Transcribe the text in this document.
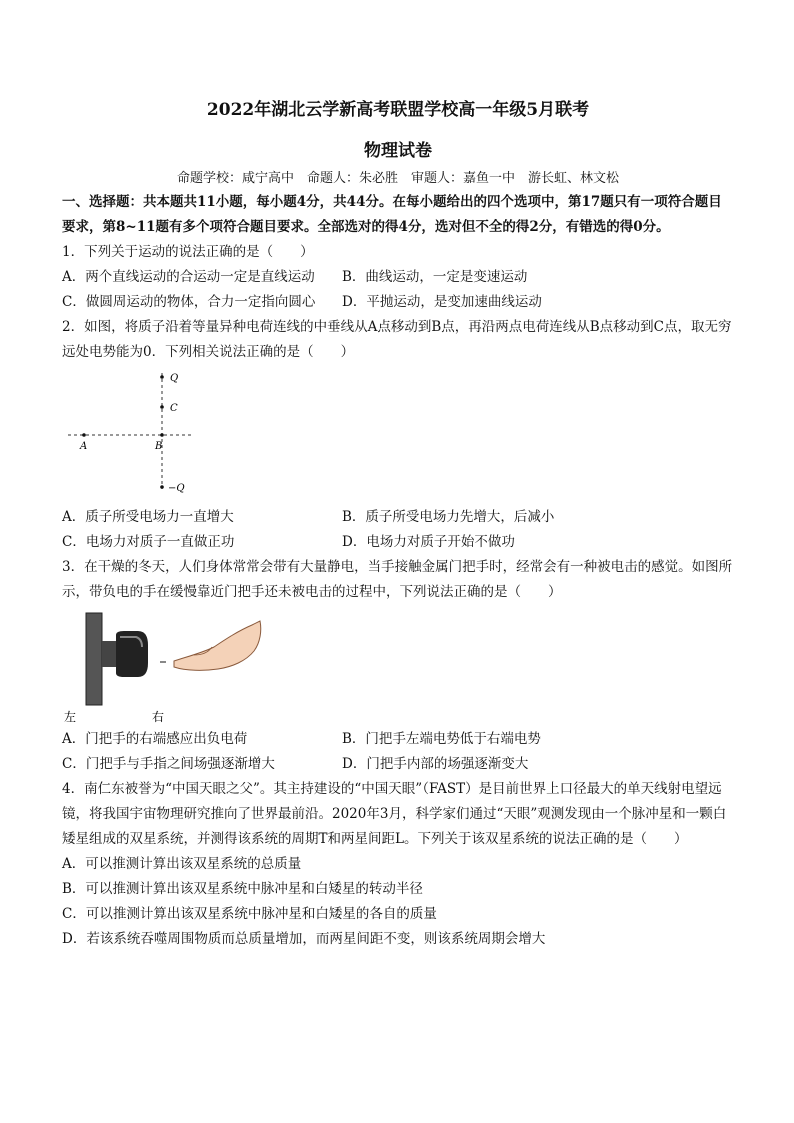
2022年湖北云学新高考联盟学校高一年级5月联考
物理试卷
命题学校：咸宁高中　命题人：朱必胜　审题人：嘉鱼一中　游长虹、林文松
一、选择题：共本题共11小题，每小题4分，共44分。在每小题给出的四个选项中，第17题只有一项符合题目要求，第8~11题有多个项符合题目要求。全部选对的得4分，选对但不全的得2分，有错选的得0分。
1．下列关于运动的说法正确的是（　　）
A．两个直线运动的合运动一定是直线运动	B．曲线运动，一定是变速运动
C．做圆周运动的物体，合力一定指向圆心	D．平抛运动，是变加速曲线运动
2．如图，将质子沿着等量异种电荷连线的中垂线从A点移动到B点，再沿两点电荷连线从B点移动到C点，取无穷远处电势能为0．下列相关说法正确的是（　　）
Q
C
A	B
−Q
A．质子所受电场力一直增大	B．质子所受电场力先增大，后减小
C．电场力对质子一直做正功	D．电场力对质子开始不做功
3．在干燥的冬天，人们身体常常会带有大量静电，当手接触金属门把手时，经常会有一种被电击的感觉。如图所示，带负电的手在缓慢靠近门把手还未被电击的过程中，下列说法正确的是（　　）
左	右
A．门把手的右端感应出负电荷	B．门把手左端电势低于右端电势
C．门把手与手指之间场强逐渐增大	D．门把手内部的场强逐渐变大
4．南仁东被誉为“中国天眼之父”。其主持建设的“中国天眼”（FAST）是目前世界上口径最大的单天线射电望远镜，将我国宇宙物理研究推向了世界最前沿。2020年3月，科学家们通过“天眼”观测发现由一个脉冲星和一颗白矮星组成的双星系统，并测得该系统的周期T和两星间距L。下列关于该双星系统的说法正确的是（　　）
A．可以推测计算出该双星系统的总质量
B．可以推测计算出该双星系统中脉冲星和白矮星的转动半径
C．可以推测计算出该双星系统中脉冲星和白矮星的各自的质量
D．若该系统吞噬周围物质而总质量增加，而两星间距不变，则该系统周期会增大
